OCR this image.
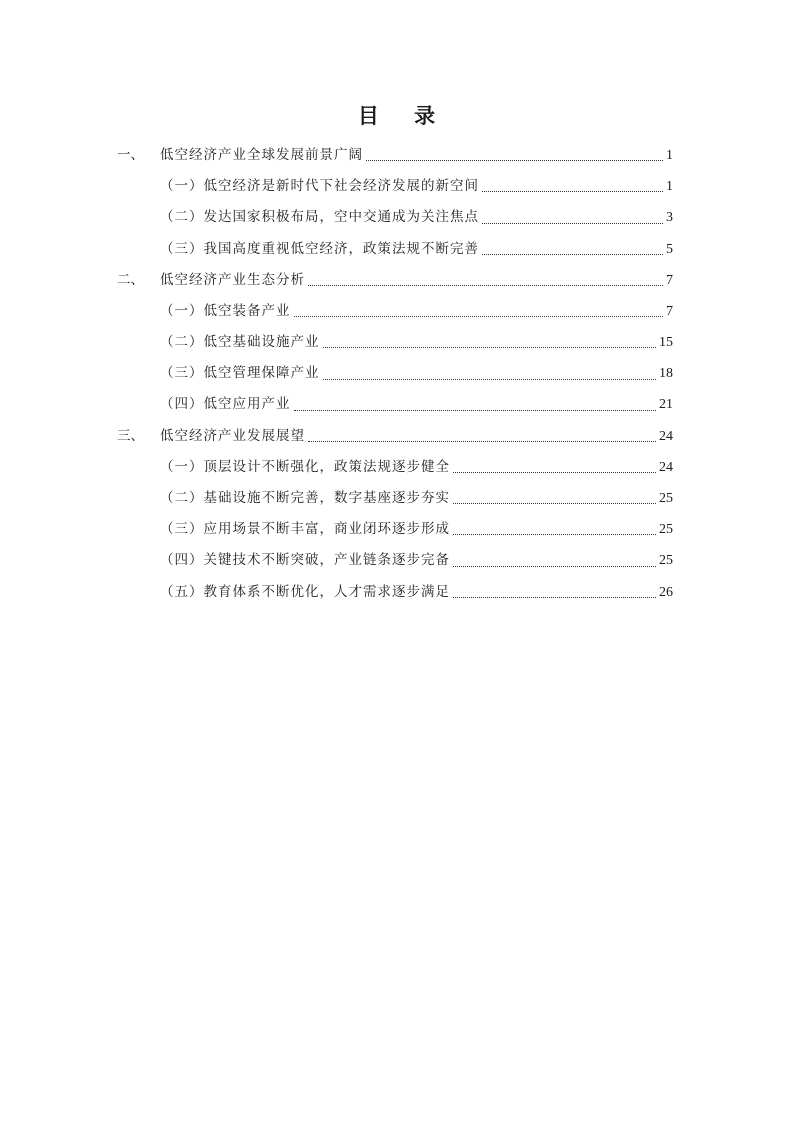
目 录
一、	低空经济产业全球发展前景广阔	1
（一）低空经济是新时代下社会经济发展的新空间	1
（二）发达国家积极布局，空中交通成为关注焦点	3
（三）我国高度重视低空经济，政策法规不断完善	5
二、	低空经济产业生态分析	7
（一）低空装备产业	7
（二）低空基础设施产业	15
（三）低空管理保障产业	18
（四）低空应用产业	21
三、	低空经济产业发展展望	24
（一）顶层设计不断强化，政策法规逐步健全	24
（二）基础设施不断完善，数字基座逐步夯实	25
（三）应用场景不断丰富，商业闭环逐步形成	25
（四）关键技术不断突破，产业链条逐步完备	25
（五）教育体系不断优化，人才需求逐步满足	26
